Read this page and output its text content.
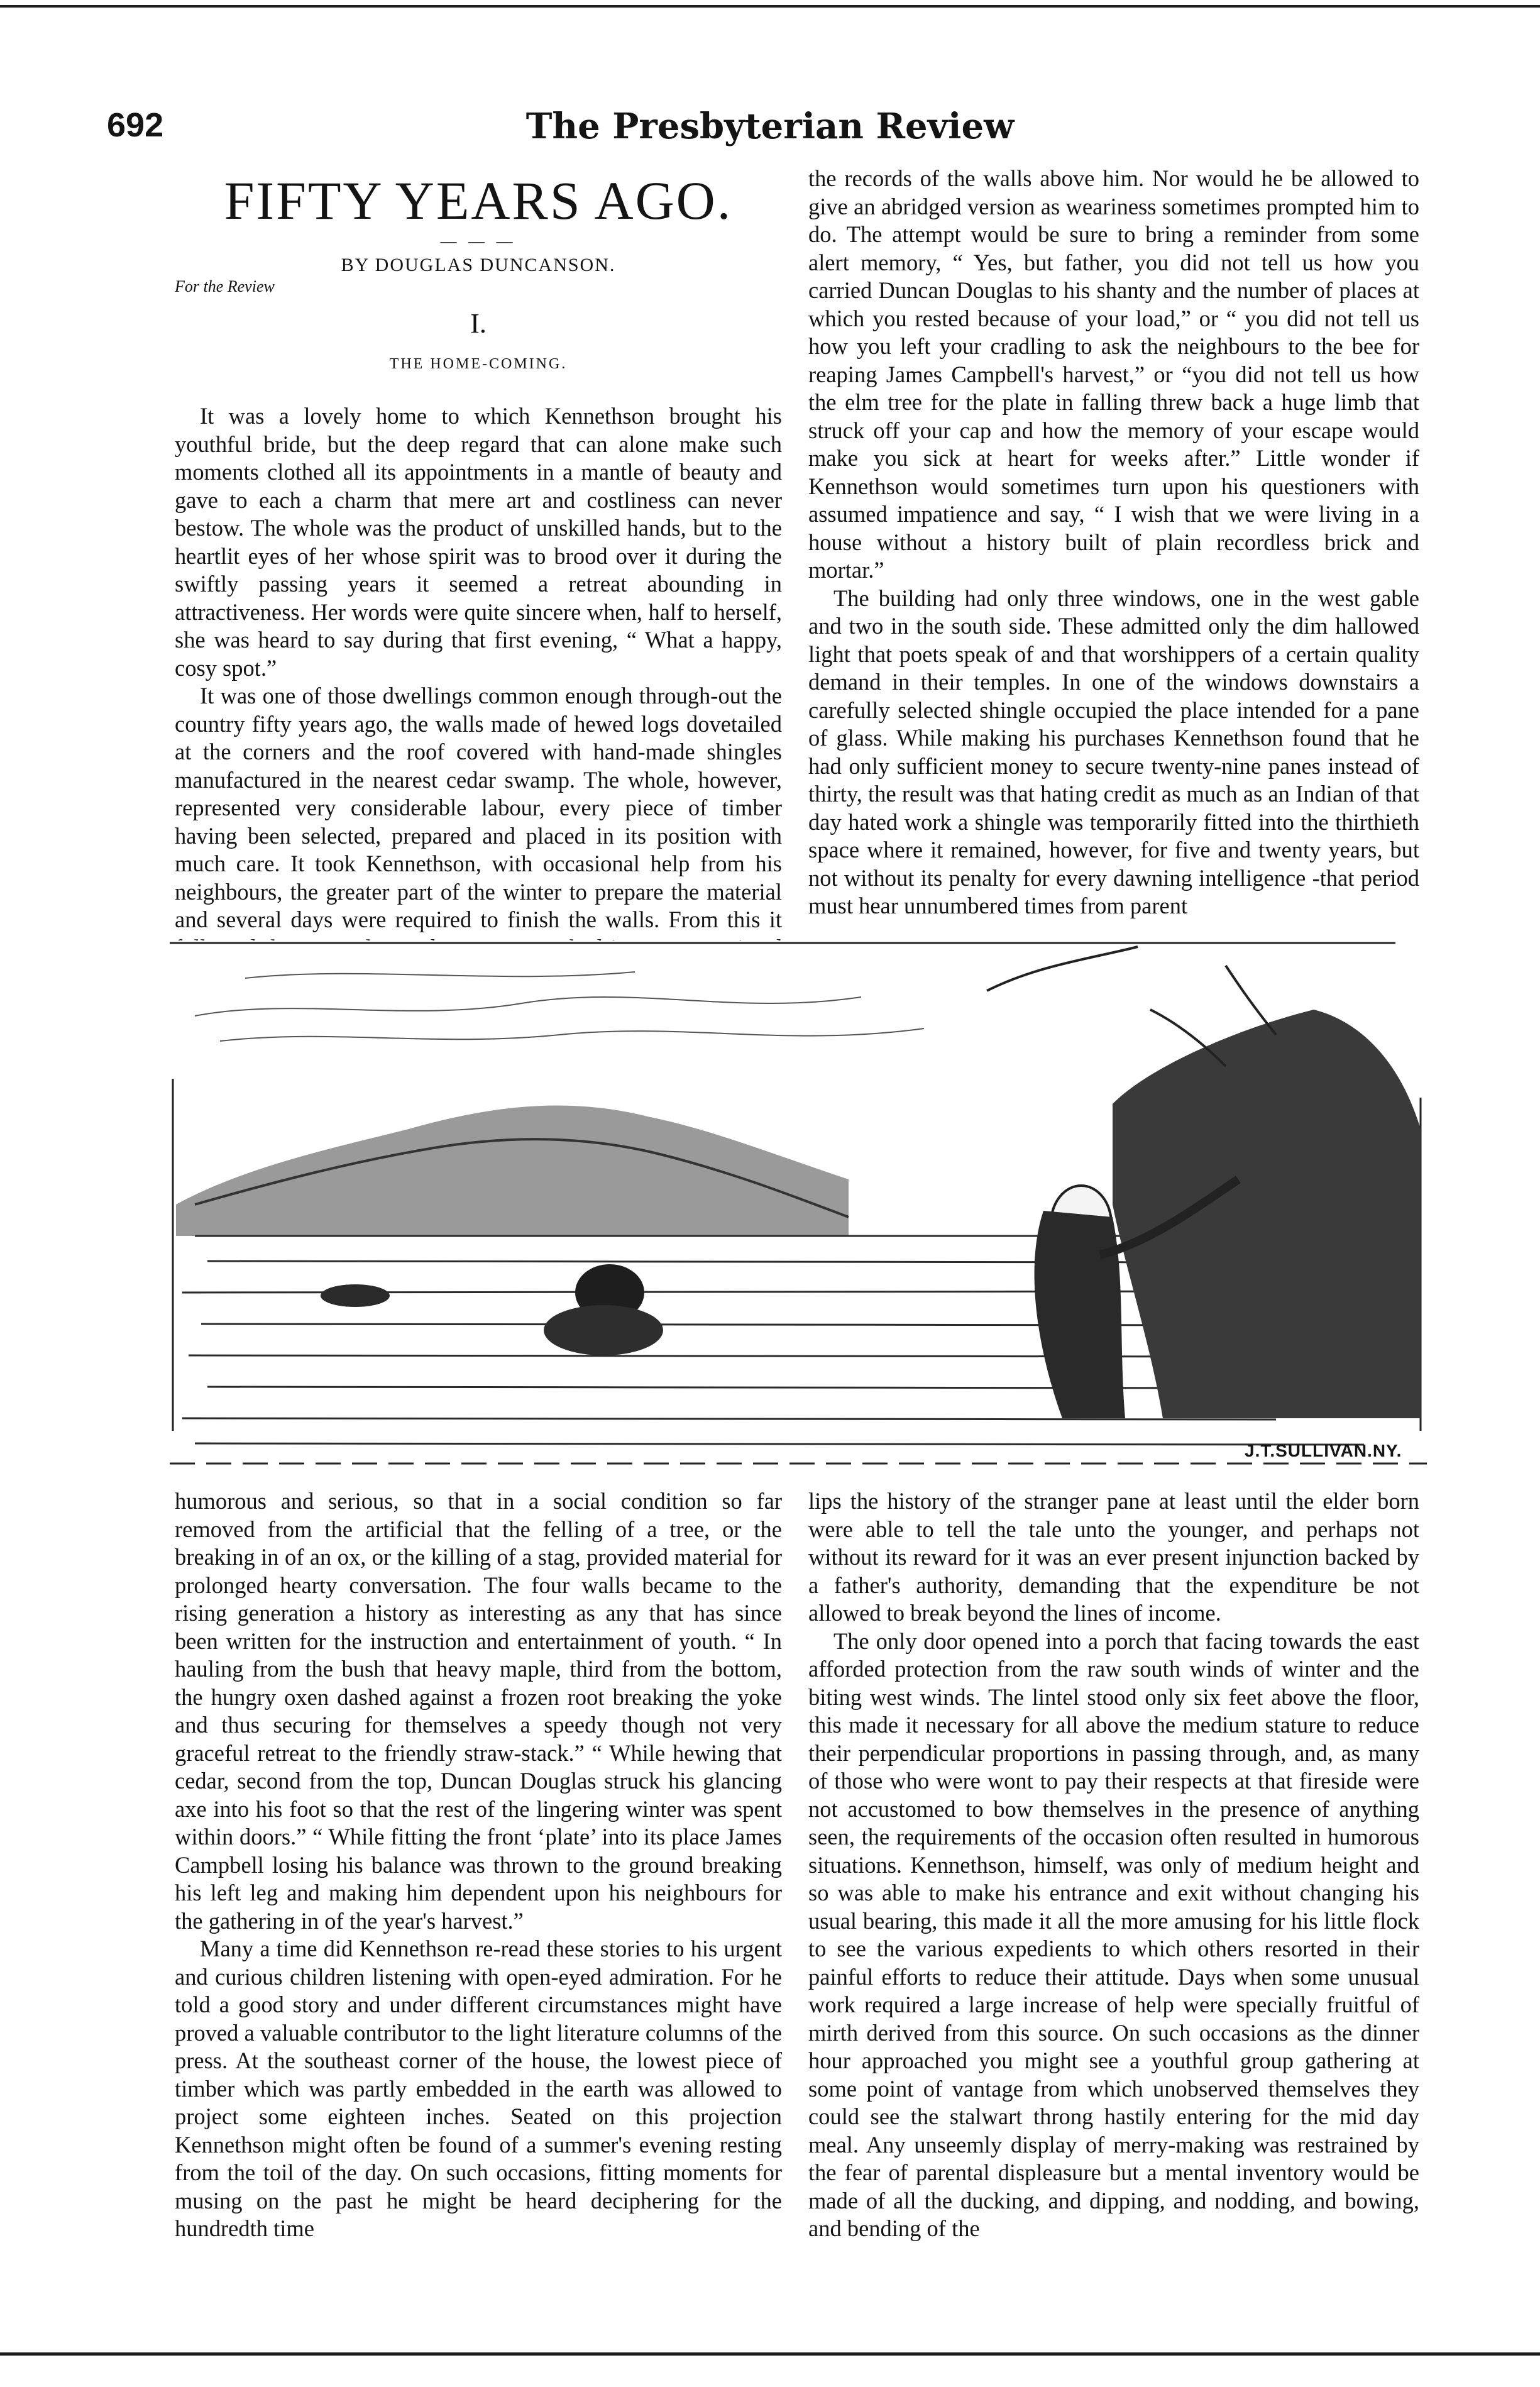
692	The Presbyterian Review
FIFTY YEARS AGO.
— — —
BY DOUGLAS DUNCANSON.
For the Review
I.
THE HOME-COMING.

It was a lovely home to which Kennethson brought his youthful bride, but the deep regard that can alone make such moments clothed all its appointments in a mantle of beauty and gave to each a charm that mere art and costliness can never bestow. The whole was the product of unskilled hands, but to the heartlit eyes of her whose spirit was to brood over it during the swiftly passing years it seemed a retreat abounding in attractiveness. Her words were quite sincere when, half to herself, she was heard to say during that first evening, “ What a happy, cosy spot.”

It was one of those dwellings common enough through-out the country fifty years ago, the walls made of hewed logs dovetailed at the corners and the roof covered with hand-made shingles manufactured in the nearest cedar swamp. The whole, however, represented very considerable labour, every piece of timber having been selected, prepared and placed in its position with much care. It took Kennethson, with occasional help from his neighbours, the greater part of the winter to prepare the material and several days were required to finish the walls. From this it

the records of the walls above him. Nor would he be allowed to give an abridged version as weariness sometimes prompted him to do. The attempt would be sure to bring a reminder from some alert memory, “ Yes, but father, you did not tell us how you carried Duncan Douglas to his shanty and the number of places at which you rested because of your load,” or “ you did not tell us how you left your cradling to ask the neighbours to the bee for reaping James Campbell's harvest,” or “you did not tell us how the elm tree for the plate in falling threw back a huge limb that struck off your cap and how the memory of your escape would make you sick at heart for weeks after.” Little wonder if Kennethson would sometimes turn upon his questioners with assumed impatience and say, “ I wish that we were living in a house without a history built of plain recordless brick and mortar.”

The building had only three windows, one in the west gable and two in the south side. These admitted only the dim hallowed light that poets speak of and that worshippers of a certain quality demand in their temples. In one of the windows downstairs a carefully selected shingle occupied the place intended for a pane of glass. While making his purchases Kennethson found that he had only sufficient money to secure twenty-nine panes instead of thirty, the result was that hating credit as much as an Indian of that day hated work a shingle was temporarily fitted into the thirthieth space where it remained, however, for five and twenty years, but not without its penalty for every dawning intelligence -that period must hear unnumbered times from parent

J.T.SULLIVAN.NY.

humorous and serious, so that in a social condition so far removed from the artificial that the felling of a tree, or the breaking in of an ox, or the killing of a stag, provided material for prolonged hearty conversation. The four walls became to the rising generation a history as interesting as any that has since been written for the instruction and entertainment of youth. “ In hauling from the bush that heavy maple, third from the bottom, the hungry oxen dashed against a frozen root breaking the yoke and thus securing for themselves a speedy though not very graceful retreat to the friendly straw-stack.” “ While hewing that cedar, second from the top, Duncan Douglas struck his glancing axe into his foot so that the rest of the lingering winter was spent within doors.” “ While fitting the front ‘plate’ into its place James Campbell losing his balance was thrown to the ground breaking his left leg and making him dependent upon his neighbours for the gathering in of the year's harvest.”

Many a time did Kennethson re-read these stories to his urgent and curious children listening with open-eyed admiration. For he told a good story and under different circumstances might have proved a valuable contributor to the light literature columns of the press. At the southeast corner of the house, the lowest piece of timber which was partly embedded in the earth was allowed to project some eighteen inches. Seated on this projection Kennethson might often be found of a summer's evening resting from the toil of the day. On such occasions, fitting moments for musing on the past he might be heard deciphering for the hundredth time

lips the history of the stranger pane at least until the elder born were able to tell the tale unto the younger, and perhaps not without its reward for it was an ever present injunction backed by a father's authority, demanding that the expenditure be not allowed to break beyond the lines of income.

The only door opened into a porch that facing towards the east afforded protection from the raw south winds of winter and the biting west winds. The lintel stood only six feet above the floor, this made it necessary for all above the medium stature to reduce their perpendicular proportions in passing through, and, as many of those who were wont to pay their respects at that fireside were not accustomed to bow themselves in the presence of anything seen, the requirements of the occasion often resulted in humorous situations. Kennethson, himself, was only of medium height and so was able to make his entrance and exit without changing his usual bearing, this made it all the more amusing for his little flock to see the various expedients to which others resorted in their painful efforts to reduce their attitude. Days when some unusual work required a large increase of help were specially fruitful of mirth derived from this source. On such occasions as the dinner hour approached you might see a youthful group gathering at some point of vantage from which unobserved themselves they could see the stalwart throng hastily entering for the mid day meal. Any unseemly display of merry-making was restrained by the fear of parental displeasure but a mental inventory would be made of all the ducking, and dipping, and nodding, and bowing, and bending of the
